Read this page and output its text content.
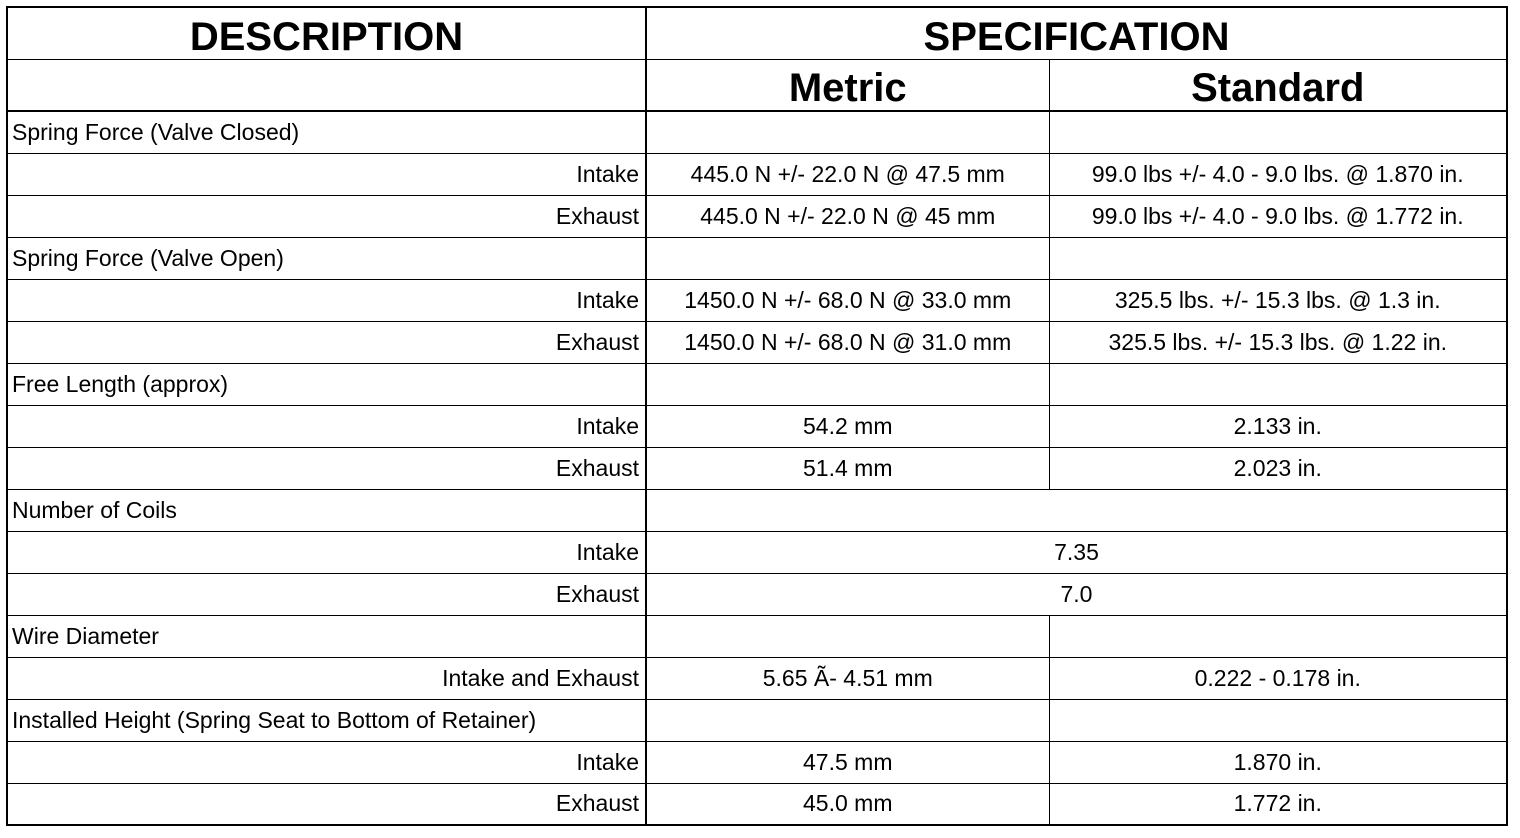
DESCRIPTION	SPECIFICATION	
	Metric	Standard
Spring Force (Valve Closed)		
Intake	445.0 N +/- 22.0 N @ 47.5 mm	99.0 lbs +/- 4.0 - 9.0 lbs. @ 1.870 in.
Exhaust	445.0 N +/- 22.0 N @ 45 mm	99.0 lbs +/- 4.0 - 9.0 lbs. @ 1.772 in.
Spring Force (Valve Open)		
Intake	1450.0 N +/- 68.0 N @ 33.0 mm	325.5 lbs. +/- 15.3 lbs. @ 1.3 in.
Exhaust	1450.0 N +/- 68.0 N @ 31.0 mm	325.5 lbs. +/- 15.3 lbs. @ 1.22 in.
Free Length (approx)		
Intake	54.2 mm	2.133 in.
Exhaust	51.4 mm	2.023 in.
Number of Coils		
Intake	7.35	
Exhaust	7.0	
Wire Diameter		
Intake and Exhaust	5.65 Ã- 4.51 mm	0.222 - 0.178 in.
Installed Height (Spring Seat to Bottom of Retainer)		
Intake	47.5 mm	1.870 in.
Exhaust	45.0 mm	1.772 in.
